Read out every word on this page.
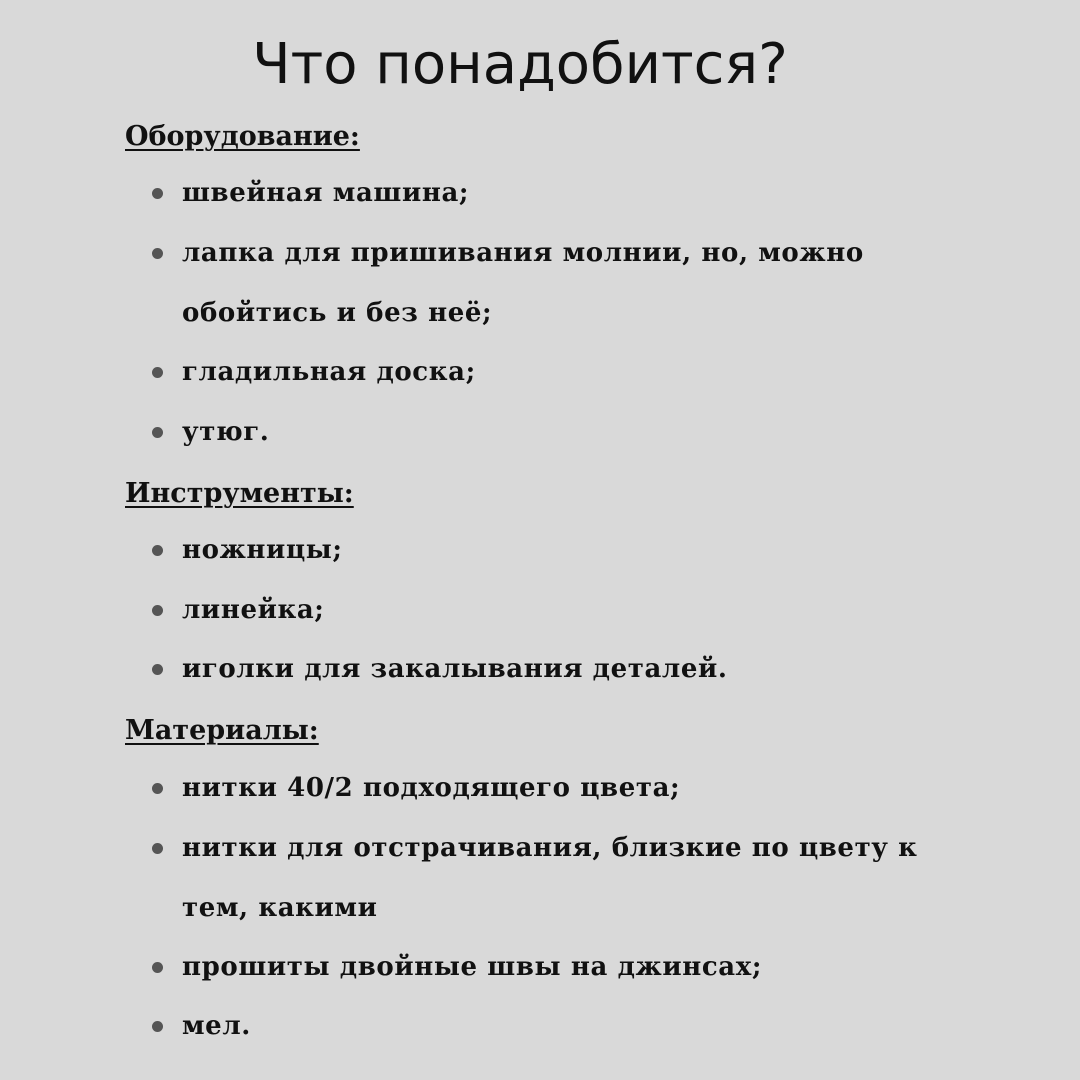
Что понадобится?
Оборудование:
швейная машина;
лапка для пришивания молнии, но, можно обойтись и без неё;
гладильная доска;
утюг.
Инструменты:
ножницы;
линейка;
иголки для закалывания деталей.
Материалы:
нитки 40/2 подходящего цвета;
нитки для отстрачивания, близкие по цвету к тем, какими
прошиты двойные швы на джинсах;
мел.
